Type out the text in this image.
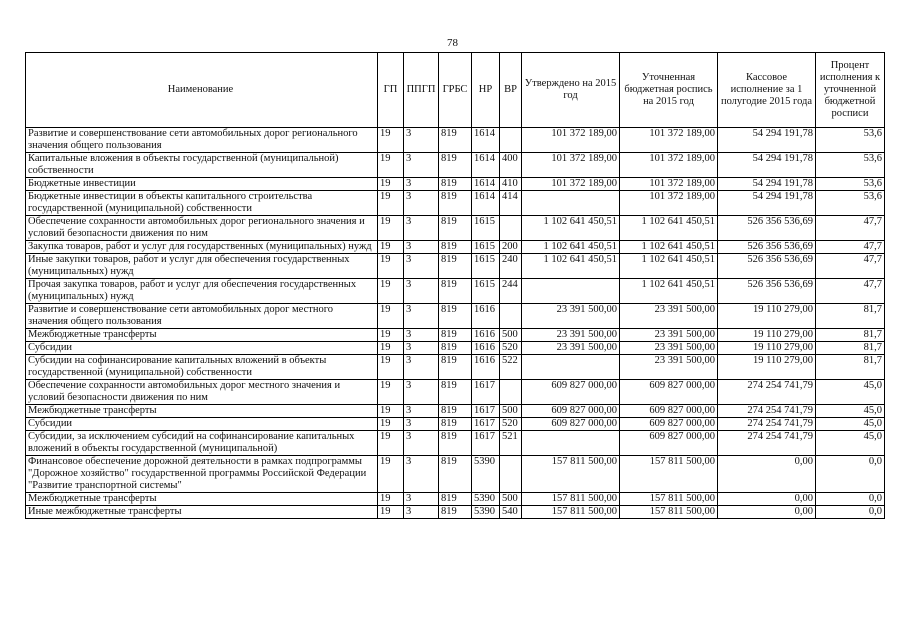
78
Наименование	ГП	ППГП	ГРБС	НР	ВР	Утверждено на 2015 год	Уточненная бюджетная роспись на 2015 год	Кассовое исполнение за 1 полугодие 2015 года	Процент исполнения к уточненной бюджетной росписи
Развитие и совершенствование сети автомобильных дорог регионального значения общего пользования	19	3	819	1614		101 372 189,00	101 372 189,00	54 294 191,78	53,6
Капитальные вложения в объекты государственной (муниципальной) собственности	19	3	819	1614	400	101 372 189,00	101 372 189,00	54 294 191,78	53,6
Бюджетные инвестиции	19	3	819	1614	410	101 372 189,00	101 372 189,00	54 294 191,78	53,6
Бюджетные инвестиции в объекты капитального строительства государственной (муниципальной) собственности	19	3	819	1614	414		101 372 189,00	54 294 191,78	53,6
Обеспечение сохранности автомобильных дорог регионального значения и условий безопасности движения по ним	19	3	819	1615		1 102 641 450,51	1 102 641 450,51	526 356 536,69	47,7
Закупка товаров, работ и услуг для государственных (муниципальных) нужд	19	3	819	1615	200	1 102 641 450,51	1 102 641 450,51	526 356 536,69	47,7
Иные закупки товаров, работ и услуг для обеспечения государственных (муниципальных) нужд	19	3	819	1615	240	1 102 641 450,51	1 102 641 450,51	526 356 536,69	47,7
Прочая закупка товаров, работ и услуг для обеспечения государственных (муниципальных) нужд	19	3	819	1615	244		1 102 641 450,51	526 356 536,69	47,7
Развитие и совершенствование сети автомобильных дорог местного значения общего пользования	19	3	819	1616		23 391 500,00	23 391 500,00	19 110 279,00	81,7
Межбюджетные трансферты	19	3	819	1616	500	23 391 500,00	23 391 500,00	19 110 279,00	81,7
Субсидии	19	3	819	1616	520	23 391 500,00	23 391 500,00	19 110 279,00	81,7
Субсидии на софинансирование капитальных вложений в объекты государственной (муниципальной) собственности	19	3	819	1616	522		23 391 500,00	19 110 279,00	81,7
Обеспечение сохранности автомобильных дорог местного значения и условий безопасности движения по ним	19	3	819	1617		609 827 000,00	609 827 000,00	274 254 741,79	45,0
Межбюджетные трансферты	19	3	819	1617	500	609 827 000,00	609 827 000,00	274 254 741,79	45,0
Субсидии	19	3	819	1617	520	609 827 000,00	609 827 000,00	274 254 741,79	45,0
Субсидии, за исключением субсидий на софинансирование капитальных вложений в объекты государственной (муниципальной)	19	3	819	1617	521		609 827 000,00	274 254 741,79	45,0
Финансовое обеспечение дорожной деятельности в рамках подпрограммы "Дорожное хозяйство" государственной программы Российской Федерации "Развитие транспортной системы"	19	3	819	5390		157 811 500,00	157 811 500,00	0,00	0,0
Межбюджетные трансферты	19	3	819	5390	500	157 811 500,00	157 811 500,00	0,00	0,0
Иные межбюджетные трансферты	19	3	819	5390	540	157 811 500,00	157 811 500,00	0,00	0,0
